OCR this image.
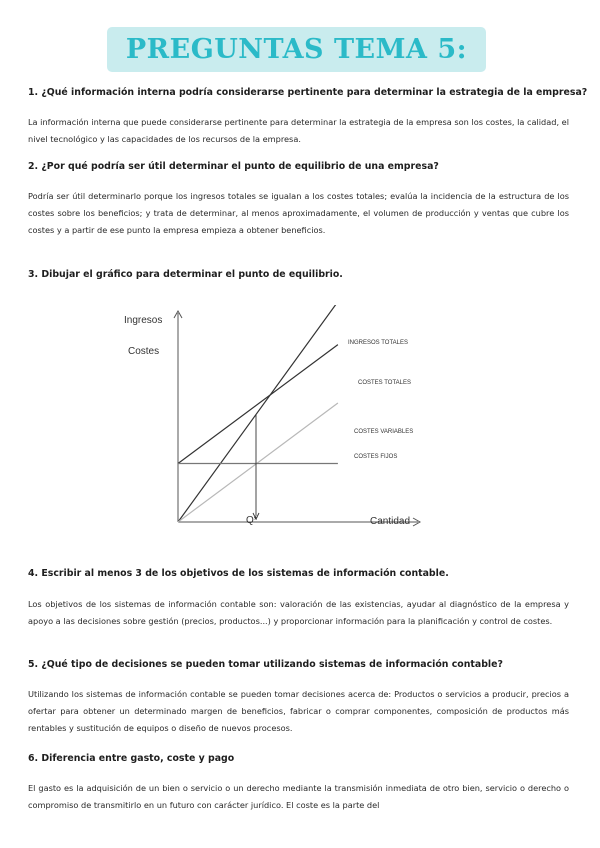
PREGUNTAS TEMA 5:

1. ¿Qué información interna podría considerarse pertinente para determinar la estrategia de la empresa?

La información interna que puede considerarse pertinente para determinar la estrategia de la empresa son los costes, la calidad, el nivel tecnológico y las capacidades de los recursos de la empresa.

2. ¿Por qué podría ser útil determinar el punto de equilibrio de una empresa?

Podría ser útil determinarlo porque los ingresos totales se igualan a los costes totales; evalúa la incidencia de la estructura de los costes sobre los beneficios; y trata de determinar, al menos aproximadamente, el volumen de producción y ventas que cubre los costes y a partir de ese punto la empresa empieza a obtener beneficios.

3. Dibujar el gráfico para determinar el punto de equilibrio.

Ingresos
Costes
Cantidad
INGRESOS TOTALES
COSTES TOTALES
COSTES VARIABLES
COSTES FIJOS
Q*

4. Escribir al menos 3 de los objetivos de los sistemas de información contable.

Los objetivos de los sistemas de información contable son: valoración de las existencias, ayudar al diagnóstico de la empresa y apoyo a las decisiones sobre gestión (precios, productos...) y proporcionar información para la planificación y control de costes.

5. ¿Qué tipo de decisiones se pueden tomar utilizando sistemas de información contable?

Utilizando los sistemas de información contable se pueden tomar decisiones acerca de: Productos o servicios a producir, precios a ofertar para obtener un determinado margen de beneficios, fabricar o comprar componentes, composición de productos más rentables y sustitución de equipos o diseño de nuevos procesos.

6. Diferencia entre gasto, coste y pago

El gasto es la adquisición de un bien o servicio o un derecho mediante la transmisión inmediata de otro bien, servicio o derecho o compromiso de transmitirlo en un futuro con carácter jurídico. El coste es la parte del
